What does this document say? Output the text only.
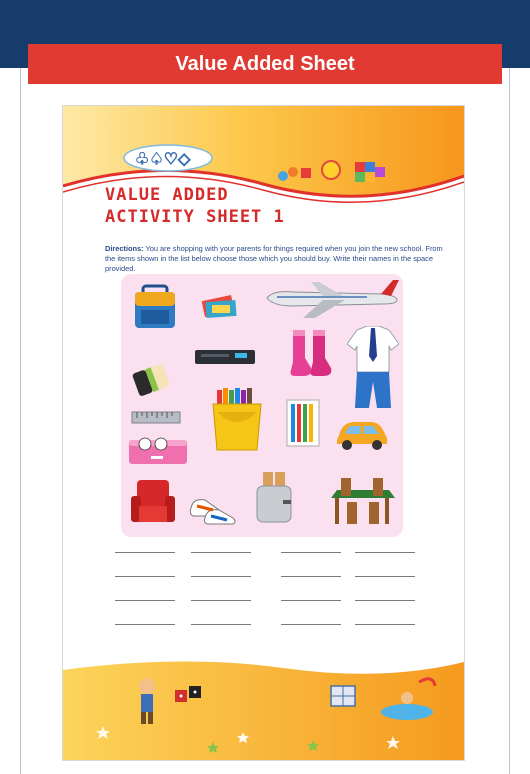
Value Added Sheet
♣♠♡◇
VALUE ADDED
ACTIVITY SHEET 1
Directions: You are shopping with your parents for things required when you join the new school. From the items shown in the list below choose those which you should buy. Write their names in the space provided.
